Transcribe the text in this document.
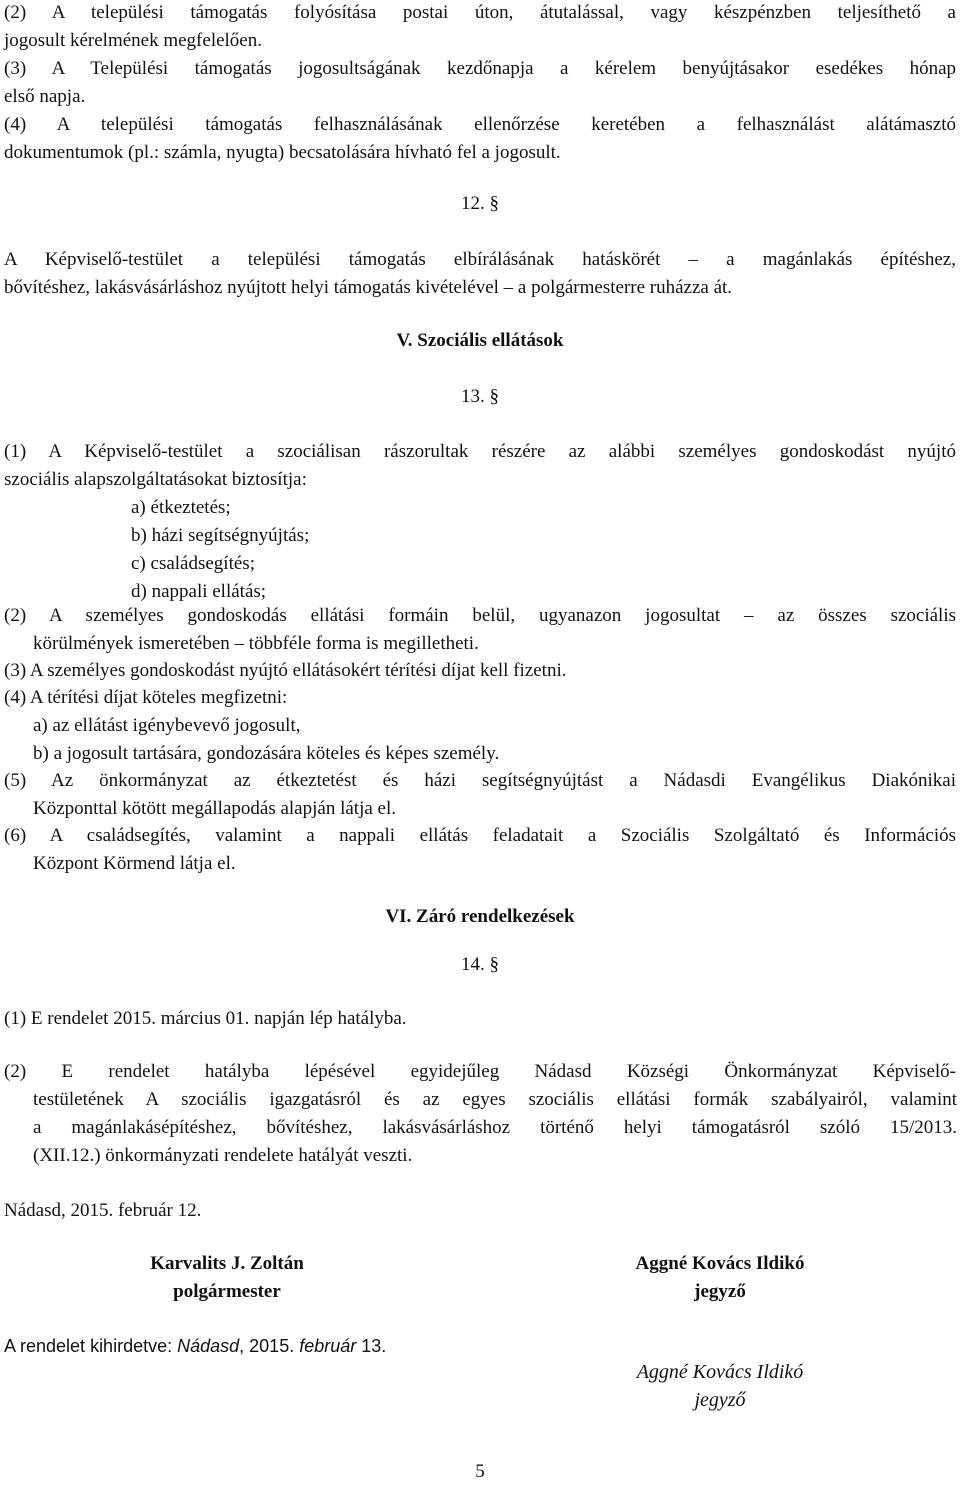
(2) A települési támogatás folyósítása postai úton, átutalással, vagy készpénzben teljesíthető a
jogosult kérelmének megfelelően.
(3) A Települési támogatás jogosultságának kezdőnapja a kérelem benyújtásakor esedékes hónap
első napja.
(4) A települési támogatás felhasználásának ellenőrzése keretében a felhasználást alátámasztó
dokumentumok (pl.: számla, nyugta) becsatolására hívható fel a jogosult.
12. §
A Képviselő-testület a települési támogatás elbírálásának hatáskörét – a magánlakás építéshez,
bővítéshez, lakásvásárláshoz nyújtott helyi támogatás kivételével – a polgármesterre ruházza át.
V. Szociális ellátások
13. §
(1) A Képviselő-testület a szociálisan rászorultak részére az alábbi személyes gondoskodást nyújtó
szociális alapszolgáltatásokat biztosítja:
a) étkeztetés;
b) házi segítségnyújtás;
c) családsegítés;
d) nappali ellátás;
(2) A személyes gondoskodás ellátási formáin belül, ugyanazon jogosultat – az összes szociális
körülmények ismeretében – többféle forma is megilletheti.
(3) A személyes gondoskodást nyújtó ellátásokért térítési díjat kell fizetni.
(4) A térítési díjat köteles megfizetni:
a) az ellátást igénybevevő jogosult,
b) a jogosult tartására, gondozására köteles és képes személy.
(5) Az önkormányzat az étkeztetést és házi segítségnyújtást a Nádasdi Evangélikus Diakónikai
Központtal kötött megállapodás alapján látja el.
(6) A családsegítés, valamint a nappali ellátás feladatait a Szociális Szolgáltató és Információs
Központ Körmend látja el.
VI. Záró rendelkezések
14. §
(1) E rendelet 2015. március 01. napján lép hatályba.
(2) E rendelet hatályba lépésével egyidejűleg Nádasd Községi Önkormányzat Képviselő-
testületének A szociális igazgatásról és az egyes szociális ellátási formák szabályairól, valamint
a magánlakásépítéshez, bővítéshez, lakásvásárláshoz történő helyi támogatásról szóló 15/2013.
(XII.12.) önkormányzati rendelete hatályát veszti.
Nádasd, 2015. február 12.
Karvalits J. Zoltán
polgármester
Aggné Kovács Ildikó
jegyző
A rendelet kihirdetve: Nádasd, 2015. február 13.
Aggné Kovács Ildikó
jegyző
5
